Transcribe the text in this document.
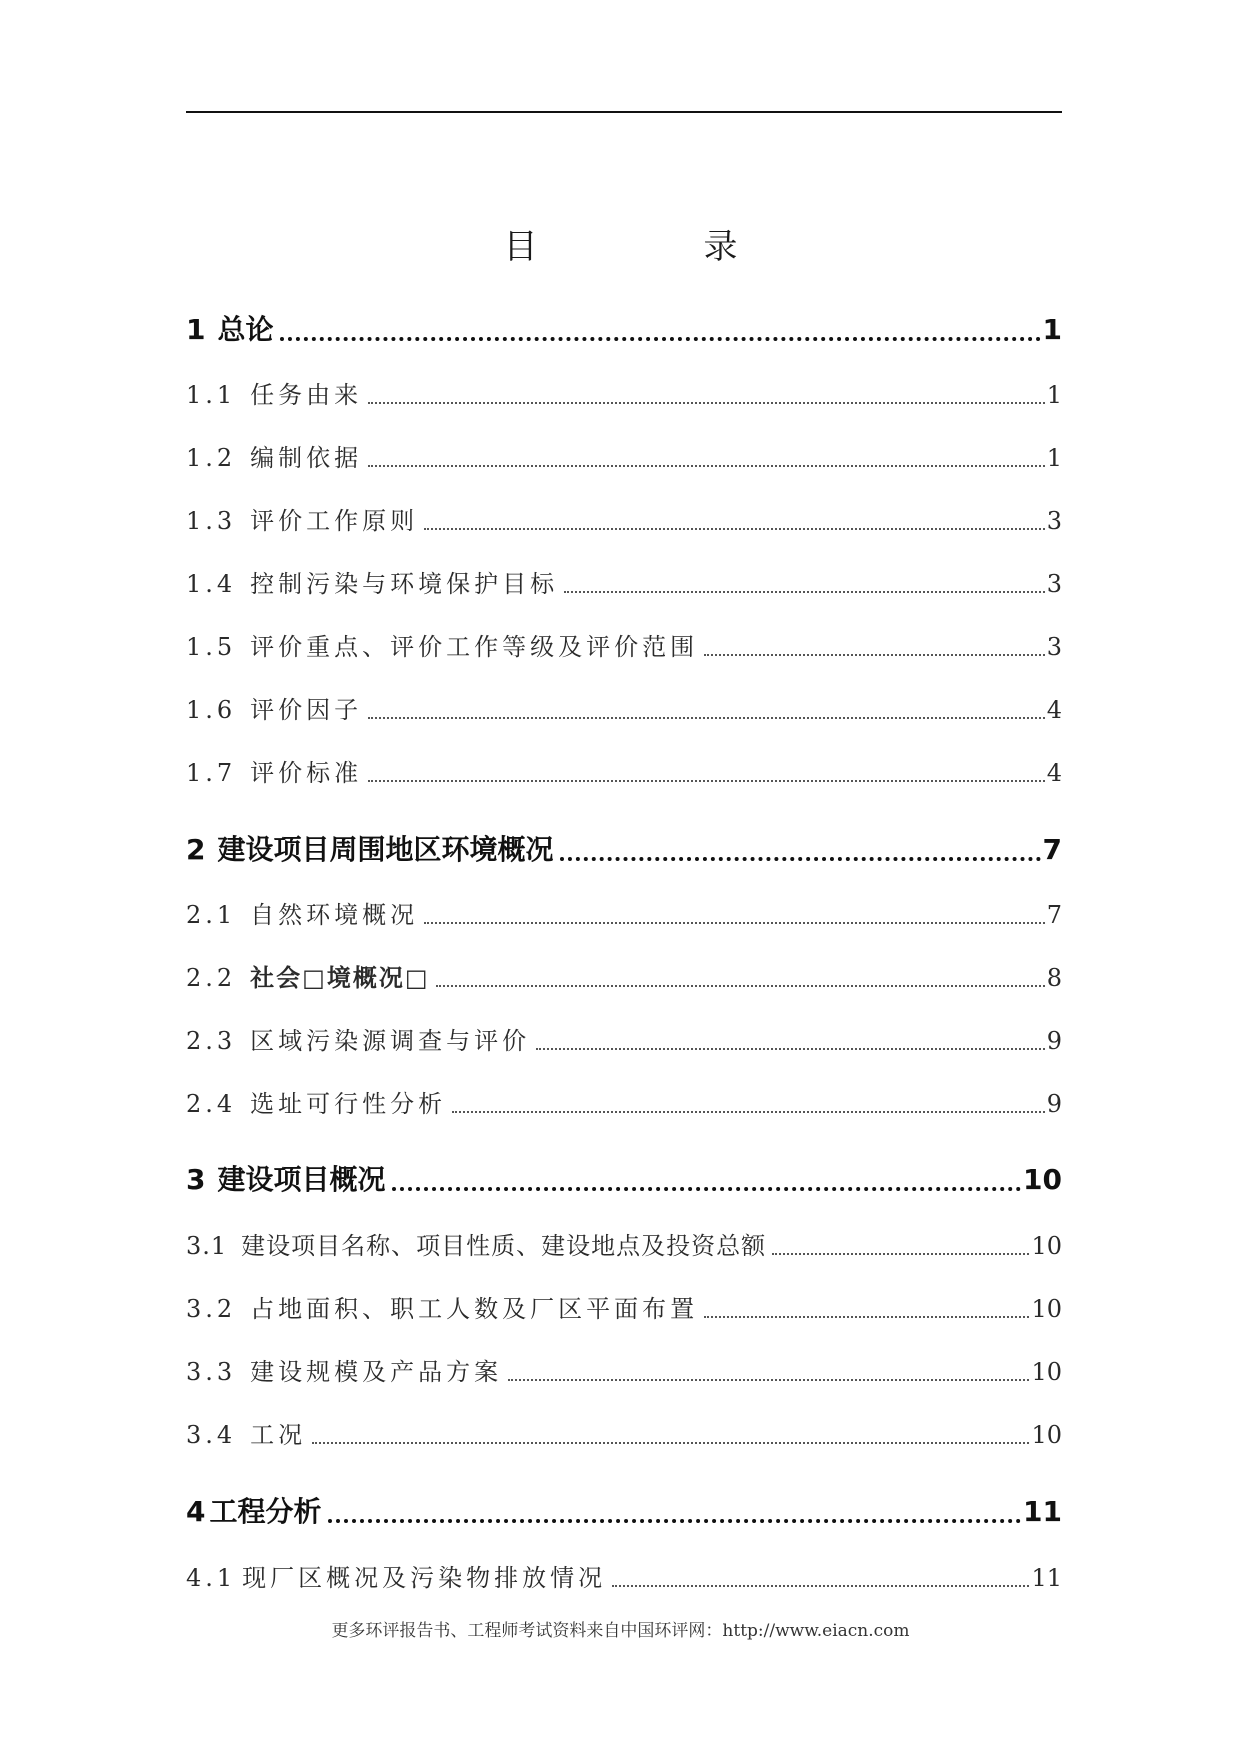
目　录
1 总论	1
1.1 任务由来	1
1.2 编制依据	1
1.3 评价工作原则	3
1.4 控制污染与环境保护目标	3
1.5 评价重点、评价工作等级及评价范围	3
1.6 评价因子	4
1.7 评价标准	4
2 建设项目周围地区环境概况	7
2.1 自然环境概况	7
2.2 社会□境概况□	8
2.3 区域污染源调查与评价	9
2.4 选址可行性分析	9
3 建设项目概况	10
3.1 建设项目名称、项目性质、建设地点及投资总额	10
3.2 占地面积、职工人数及厂区平面布置	10
3.3 建设规模及产品方案	10
3.4 工况	10
4 工程分析	11
4.1 现厂区概况及污染物排放情况	11
更多环评报告书、工程师考试资料来自中国环评网：http://www.eiacn.com
